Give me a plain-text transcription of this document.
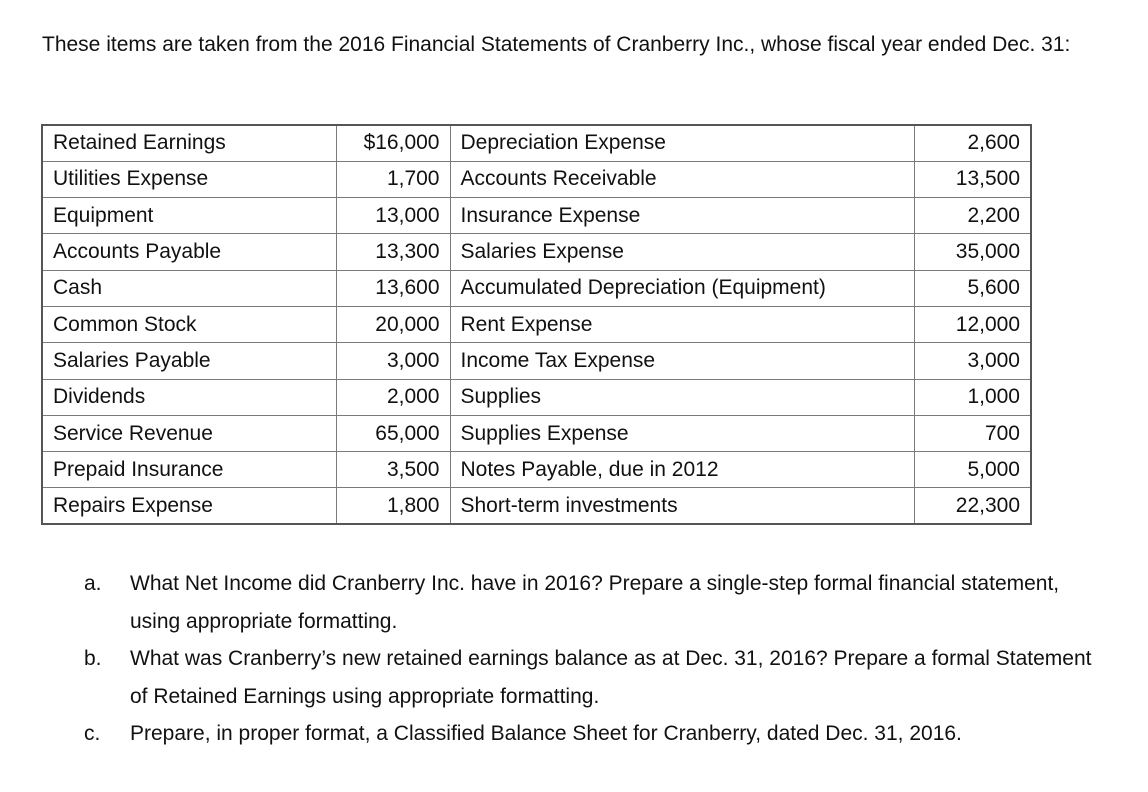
These items are taken from the 2016 Financial Statements of Cranberry Inc., whose fiscal year ended Dec. 31:

Retained Earnings	$16,000	Depreciation Expense	2,600
Utilities Expense	1,700	Accounts Receivable	13,500
Equipment	13,000	Insurance Expense	2,200
Accounts Payable	13,300	Salaries Expense	35,000
Cash	13,600	Accumulated Depreciation (Equipment)	5,600
Common Stock	20,000	Rent Expense	12,000
Salaries Payable	3,000	Income Tax Expense	3,000
Dividends	2,000	Supplies	1,000
Service Revenue	65,000	Supplies Expense	700
Prepaid Insurance	3,500	Notes Payable, due in 2012	5,000
Repairs Expense	1,800	Short-term investments	22,300
a.	What Net Income did Cranberry Inc. have in 2016? Prepare a single-step formal financial statement, using appropriate formatting.
b.	What was Cranberry’s new retained earnings balance as at Dec. 31, 2016? Prepare a formal Statement of Retained Earnings using appropriate formatting.
c.	Prepare, in proper format, a Classified Balance Sheet for Cranberry, dated Dec. 31, 2016.
